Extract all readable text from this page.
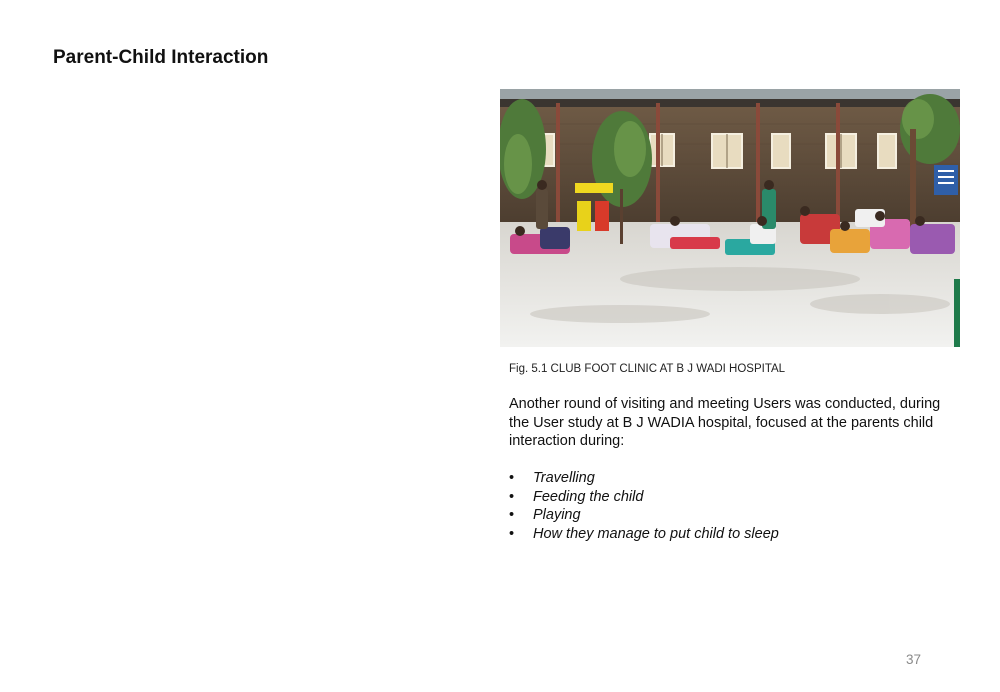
Parent-Child Interaction
Fig. 5.1 CLUB FOOT CLINIC AT B J WADI HOSPITAL
Another round of visiting and meeting Users was conducted, during the User study at B J WADIA hospital, focused at the parents child interaction during:
• Travelling
• Feeding the child
• Playing
• How they manage to put child to sleep
37
